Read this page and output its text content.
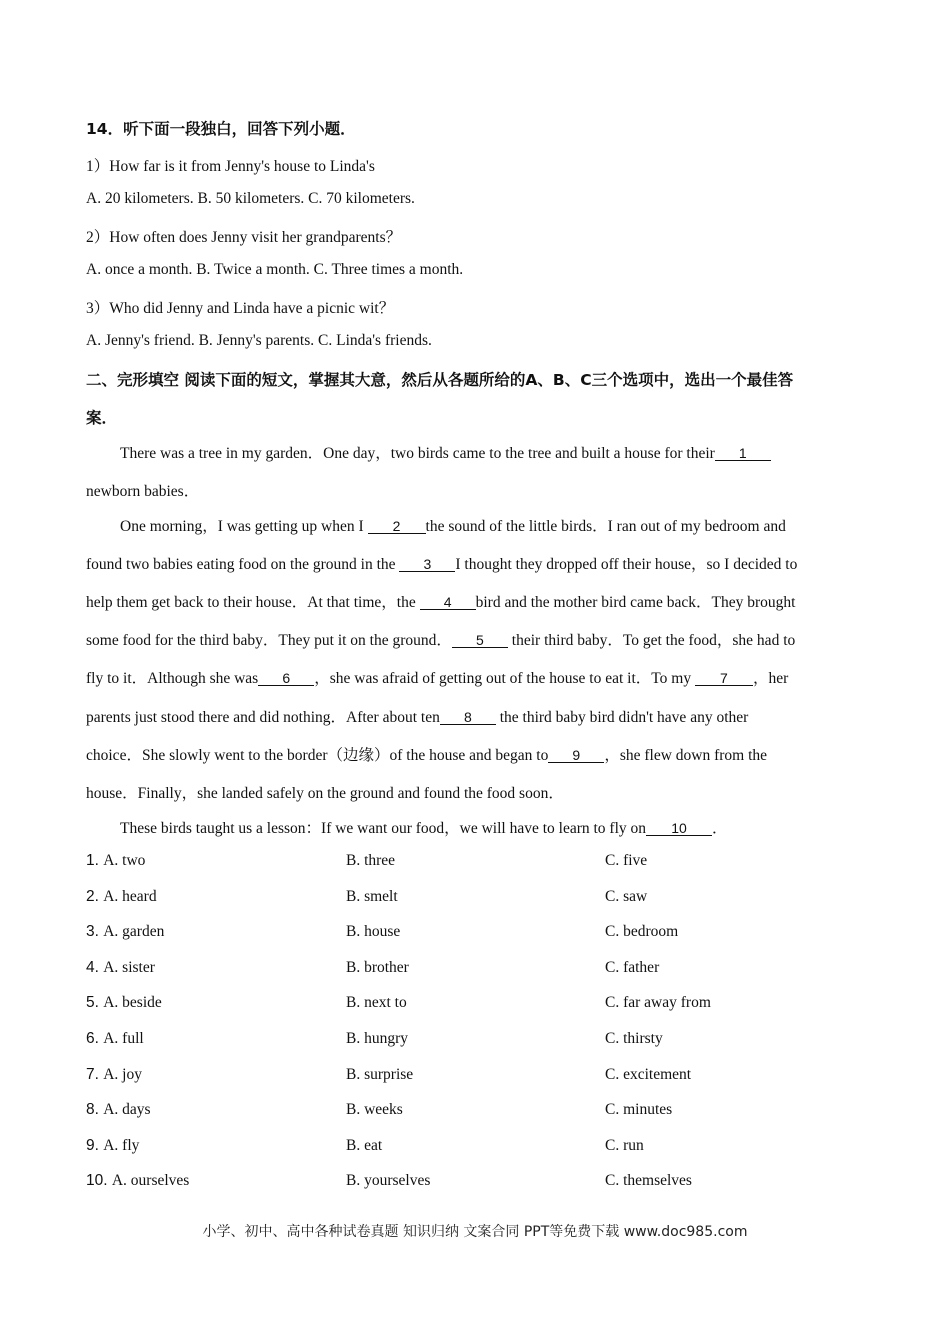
14．听下面一段独白，回答下列小题．
1）How far is it from Jenny's house to Linda's
A. 20 kilometers. B. 50 kilometers. C. 70 kilometers.
2）How often does Jenny visit her grandparents？
A. once a month. B. Twice a month. C. Three times a month.
3）Who did Jenny and Linda have a picnic wit？
A. Jenny's friend. B. Jenny's parents. C. Linda's friends.
二、完形填空 阅读下面的短文，掌握其大意，然后从各题所给的A、B、C三个选项中，选出一个最佳答
案．
There was a tree in my garden．One day，two birds came to the tree and built a house for their 1
newborn babies．
One morning，I was getting up when I 2 the sound of the little birds．I ran out of my bedroom and
found two babies eating food on the ground in the 3 I thought they dropped off their house，so I decided to
help them get back to their house．At that time，the 4 bird and the mother bird came back．They brought
some food for the third baby．They put it on the ground． 5 their third baby．To get the food，she had to
fly to it．Although she was 6 ，she was afraid of getting out of the house to eat it．To my 7 ，her
parents just stood there and did nothing．After about ten 8 the third baby bird didn't have any other
choice．She slowly went to the border（边缘）of the house and began to 9 ，she flew down from the
house．Finally，she landed safely on the ground and found the food soon．
These birds taught us a lesson：If we want our food，we will have to learn to fly on 10 ．
1. A. two	B. three	C. five
2. A. heard	B. smelt	C. saw
3. A. garden	B. house	C. bedroom
4. A. sister	B. brother	C. father
5. A. beside	B. next to	C. far away from
6. A. full	B. hungry	C. thirsty
7. A. joy	B. surprise	C. excitement
8. A. days	B. weeks	C. minutes
9. A. fly	B. eat	C. run
10. A. ourselves	B. yourselves	C. themselves
小学、初中、高中各种试卷真题 知识归纳 文案合同 PPT等免费下载 www.doc985.com
